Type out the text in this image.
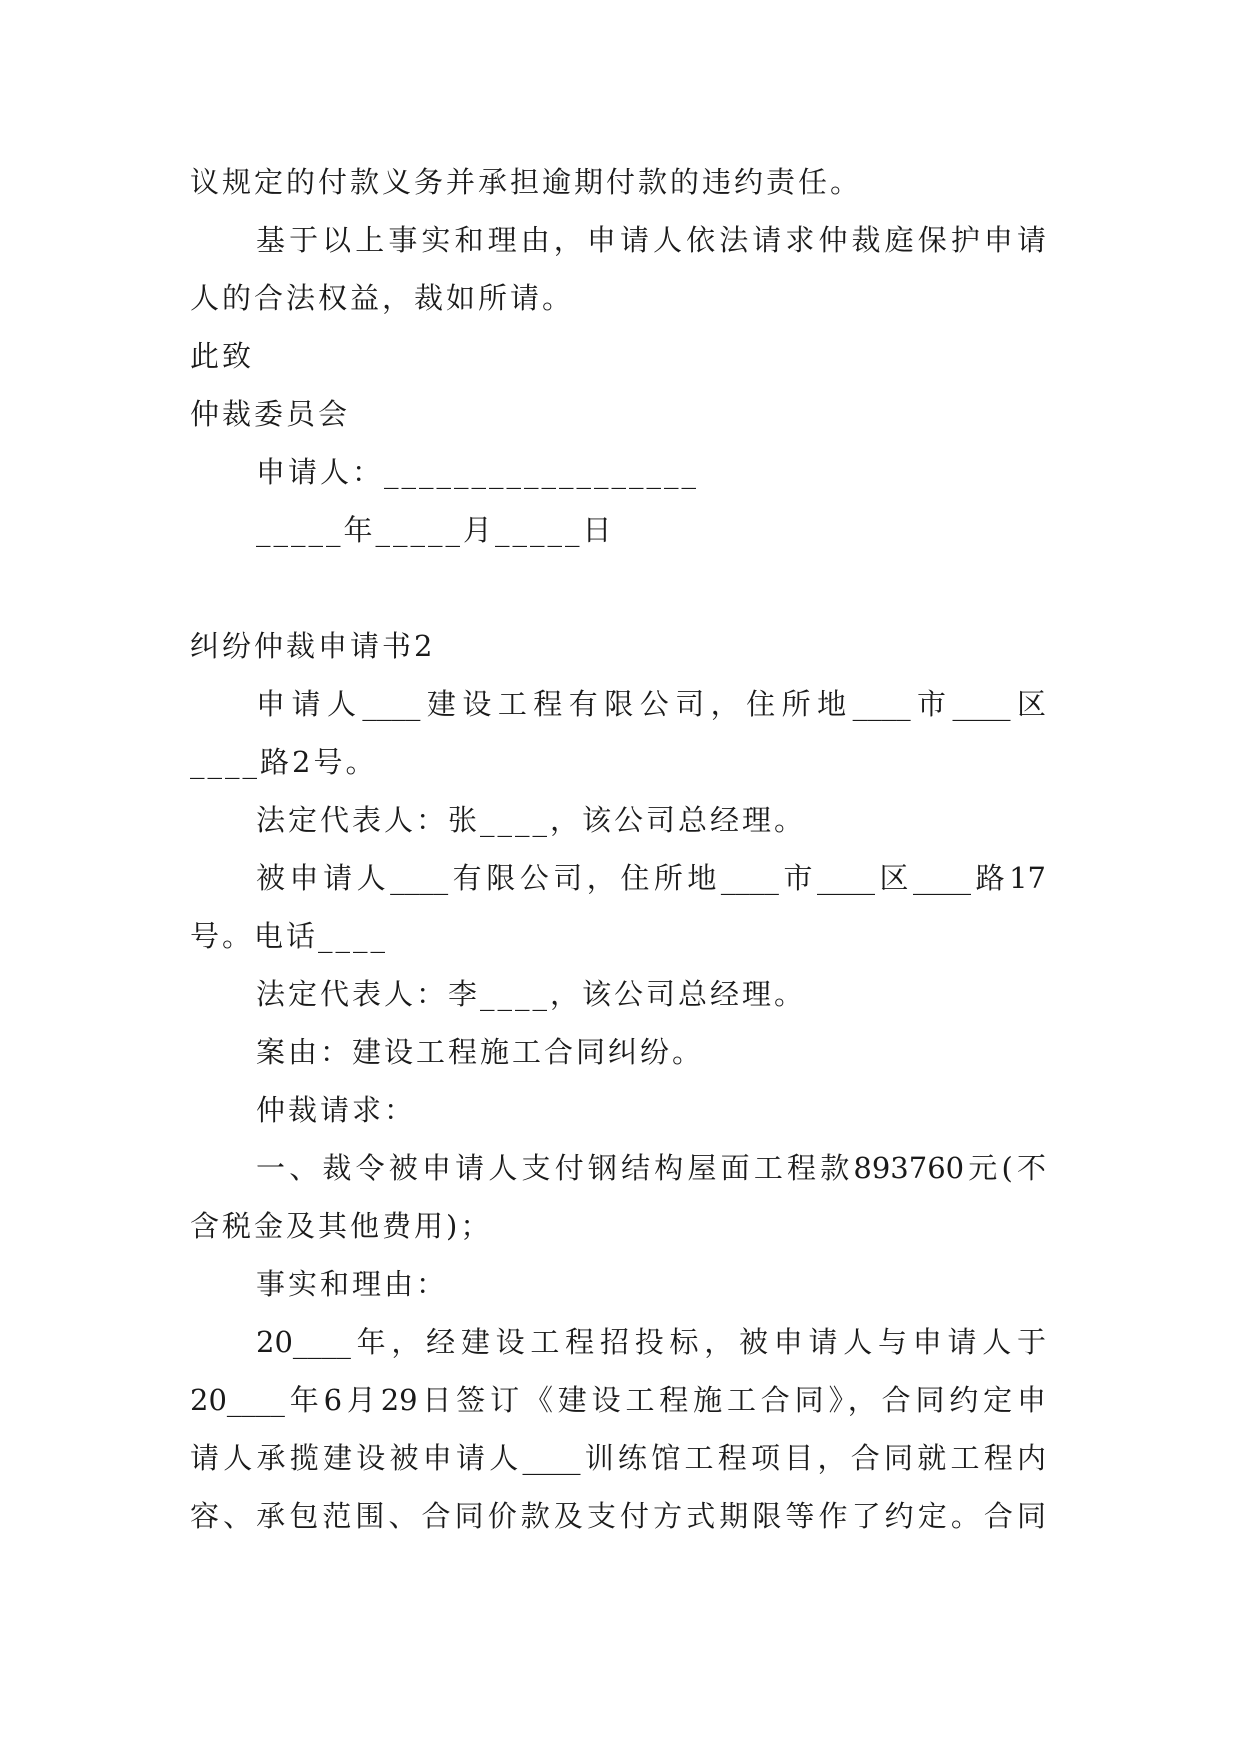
议规定的付款义务并承担逾期付款的违约责任。

基于以上事实和理由，申请人依法请求仲裁庭保护申请

人的合法权益，裁如所请。

此致

仲裁委员会

申请人：__________________

_____年_____月_____日

纠纷仲裁申请书2

申请人____建设工程有限公司，住所地____市____区

____路2号。

法定代表人：张____，该公司总经理。

被申请人____有限公司，住所地____市____区____路17

号。电话____

法定代表人：李____，该公司总经理。

案由：建设工程施工合同纠纷。

仲裁请求：

一、裁令被申请人支付钢结构屋面工程款893760元(不

含税金及其他费用)；

事实和理由：

20____年，经建设工程招投标，被申请人与申请人于

20____年6月29日签订《建设工程施工合同》，合同约定申

请人承揽建设被申请人____训练馆工程项目，合同就工程内

容、承包范围、合同价款及支付方式期限等作了约定。合同
